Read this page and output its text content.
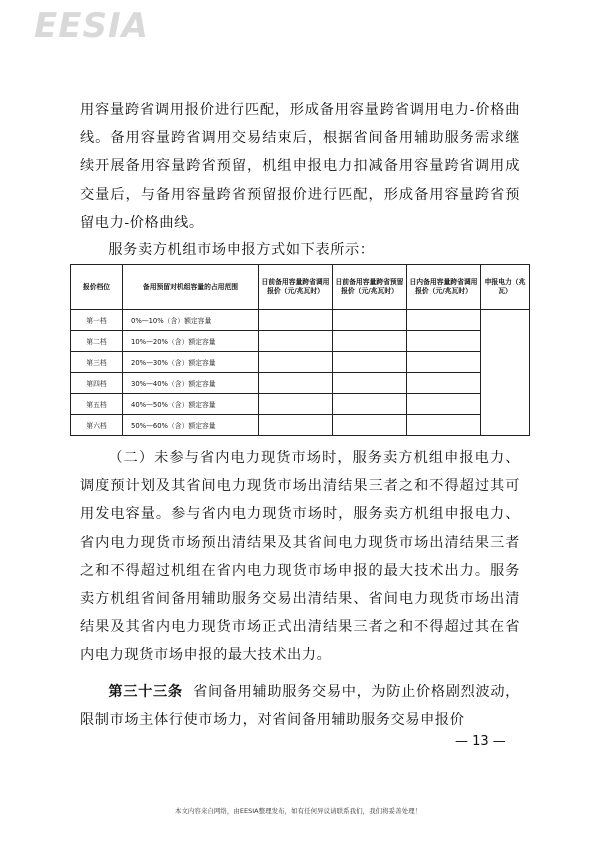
EESIA

用容量跨省调用报价进行匹配，形成备用容量跨省调用电力-价格曲线。备用容量跨省调用交易结束后，根据省间备用辅助服务需求继续开展备用容量跨省预留，机组申报电力扣减备用容量跨省调用成交量后，与备用容量跨省预留报价进行匹配，形成备用容量跨省预留电力-价格曲线。

服务卖方机组市场申报方式如下表所示：

报价档位	备用预留对机组容量的占用范围	日前备用容量跨省调用报价（元/兆瓦时）	日前备用容量跨省预留报价（元/兆瓦时）	日内备用容量跨省调用报价（元/兆瓦时）	申报电力（兆瓦）
第一档	0%—10%（含）额定容量				
第二档	10%—20%（含）额定容量				
第三档	20%—30%（含）额定容量				
第四档	30%—40%（含）额定容量				
第五档	40%—50%（含）额定容量				
第六档	50%—60%（含）额定容量				

（二）未参与省内电力现货市场时，服务卖方机组申报电力、调度预计划及其省间电力现货市场出清结果三者之和不得超过其可用发电容量。参与省内电力现货市场时，服务卖方机组申报电力、省内电力现货市场预出清结果及其省间电力现货市场出清结果三者之和不得超过机组在省内电力现货市场申报的最大技术出力。服务卖方机组省间备用辅助服务交易出清结果、省间电力现货市场出清结果及其省内电力现货市场正式出清结果三者之和不得超过其在省内电力现货市场申报的最大技术出力。

第三十三条 省间备用辅助服务交易中，为防止价格剧烈波动，限制市场主体行使市场力，对省间备用辅助服务交易申报价

— 13 —
本文内容来自网络，由EESIA整理发布，如有任何异议请联系我们，我们将妥善处理！
